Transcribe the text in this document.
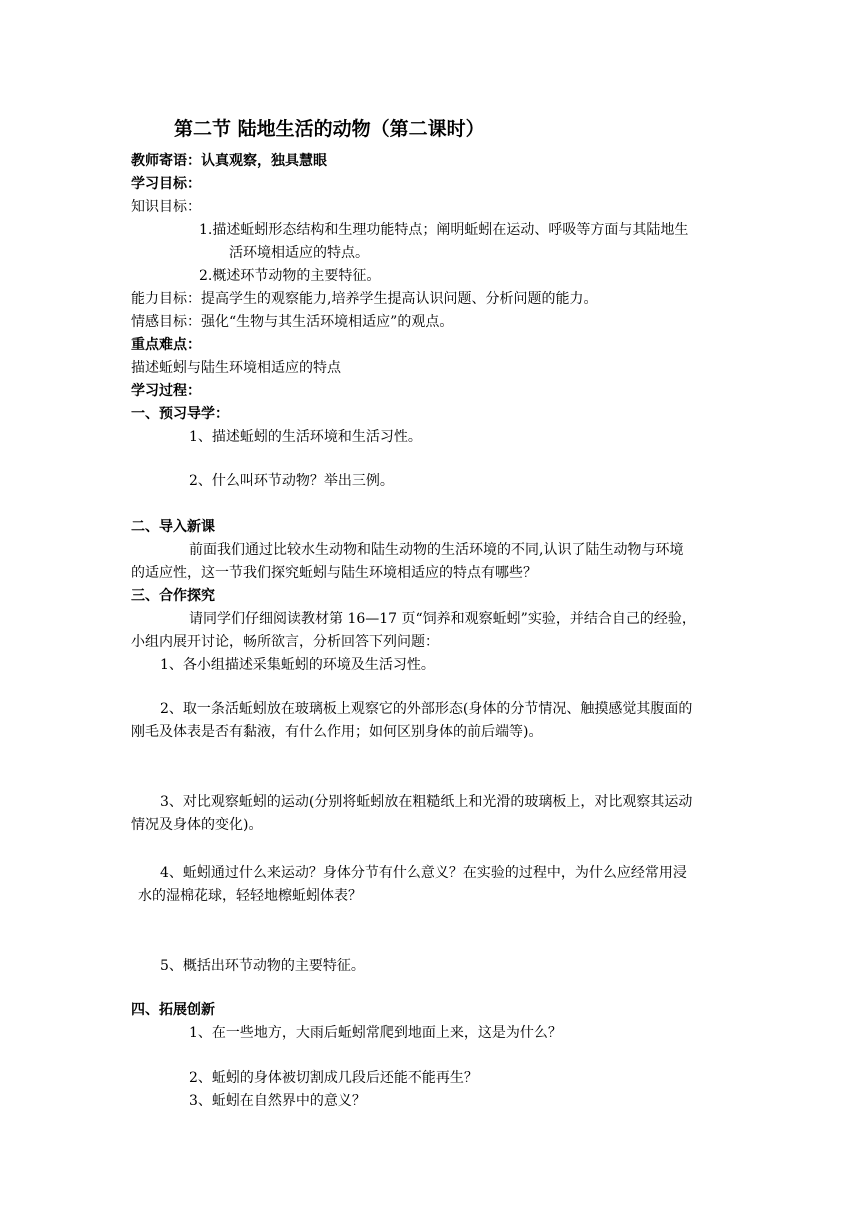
第二节 陆地生活的动物（第二课时）
教师寄语：认真观察，独具慧眼
学习目标：
知识目标：
1.描述蚯蚓形态结构和生理功能特点；阐明蚯蚓在运动、呼吸等方面与其陆地生
活环境相适应的特点。
2.概述环节动物的主要特征。
能力目标：提高学生的观察能力,培养学生提高认识问题、分析问题的能力。
情感目标：强化“生物与其生活环境相适应”的观点。
重点难点：
描述蚯蚓与陆生环境相适应的特点
学习过程：
一、预习导学：
1、描述蚯蚓的生活环境和生活习性。
2、什么叫环节动物？举出三例。
二、导入新课
前面我们通过比较水生动物和陆生动物的生活环境的不同,认识了陆生动物与环境
的适应性，这一节我们探究蚯蚓与陆生环境相适应的特点有哪些？
三、合作探究
请同学们仔细阅读教材第 16—17 页“饲养和观察蚯蚓”实验，并结合自己的经验，
小组内展开讨论，畅所欲言，分析回答下列问题：
1、各小组描述采集蚯蚓的环境及生活习性。
2、取一条活蚯蚓放在玻璃板上观察它的外部形态(身体的分节情况、触摸感觉其腹面的
刚毛及体表是否有黏液，有什么作用；如何区别身体的前后端等)。
3、对比观察蚯蚓的运动(分别将蚯蚓放在粗糙纸上和光滑的玻璃板上，对比观察其运动
情况及身体的变化)。
4、蚯蚓通过什么来运动？身体分节有什么意义？在实验的过程中，为什么应经常用浸
水的湿棉花球，轻轻地檫蚯蚓体表？
5、概括出环节动物的主要特征。
四、拓展创新
1、在一些地方，大雨后蚯蚓常爬到地面上来，这是为什么？
2、蚯蚓的身体被切割成几段后还能不能再生？
3、蚯蚓在自然界中的意义？
